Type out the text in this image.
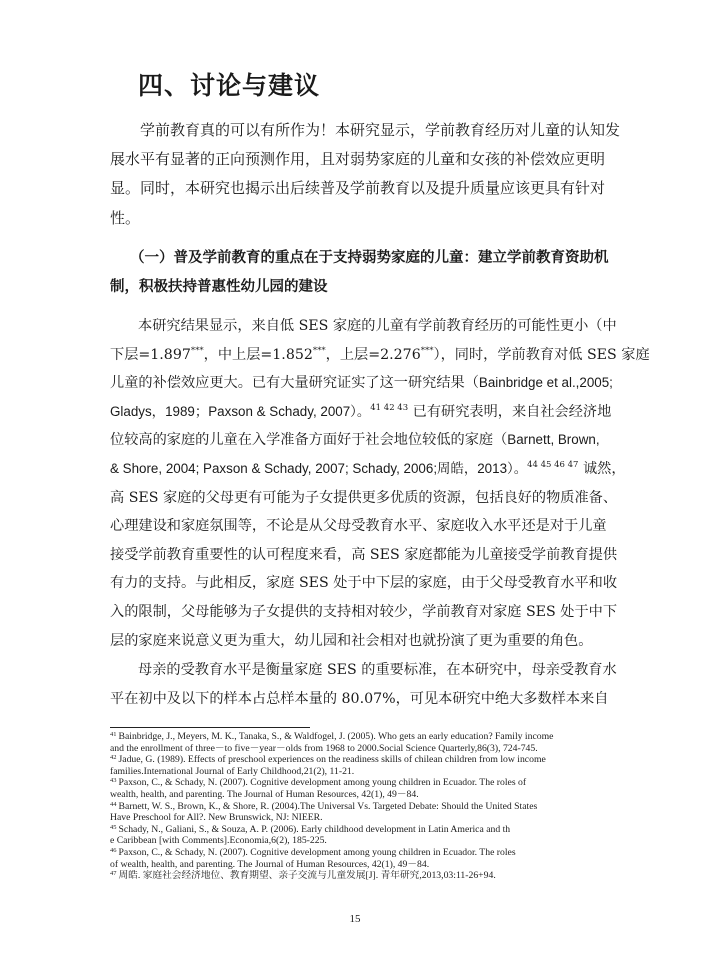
四、讨论与建议
学前教育真的可以有所作为！本研究显示，学前教育经历对儿童的认知发
展水平有显著的正向预测作用，且对弱势家庭的儿童和女孩的补偿效应更明
显。同时，本研究也揭示出后续普及学前教育以及提升质量应该更具有针对
性。
（一）普及学前教育的重点在于支持弱势家庭的儿童：建立学前教育资助机
制，积极扶持普惠性幼儿园的建设
本研究结果显示，来自低 SES 家庭的儿童有学前教育经历的可能性更小（中
下层=1.897***，中上层=1.852***，上层=2.276***），同时，学前教育对低 SES 家庭
儿童的补偿效应更大。已有大量研究证实了这一研究结果（Bainbridge et al.,2005;
Gladys，1989；Paxson & Schady, 2007）。$^{41 42 43}$ 已有研究表明，来自社会经济地
位较高的家庭的儿童在入学准备方面好于社会地位较低的家庭（Barnett, Brown,
& Shore, 2004; Paxson & Schady, 2007; Schady, 2006;周皓，2013）。$^{44 45 46 47}$ 诚然，
高 SES 家庭的父母更有可能为子女提供更多优质的资源，包括良好的物质准备、
心理建设和家庭氛围等，不论是从父母受教育水平、家庭收入水平还是对于儿童
接受学前教育重要性的认可程度来看，高 SES 家庭都能为儿童接受学前教育提供
有力的支持。与此相反，家庭 SES 处于中下层的家庭，由于父母受教育水平和收
入的限制，父母能够为子女提供的支持相对较少，学前教育对家庭 SES 处于中下
层的家庭来说意义更为重大，幼儿园和社会相对也就扮演了更为重要的角色。
母亲的受教育水平是衡量家庭 SES 的重要标准，在本研究中，母亲受教育水
平在初中及以下的样本占总样本量的 80.07%，可见本研究中绝大多数样本来自
$^{41}$ Bainbridge, J., Meyers, M. K., Tanaka, S., & Waldfogel, J. (2005). Who gets an early education? Family income
and the enrollment of three－to five－year－olds from 1968 to 2000.Social Science Quarterly,86(3), 724-745.
$^{42}$ Jadue, G. (1989). Effects of preschool experiences on the readiness skills of chilean children from low income
families.International Journal of Early Childhood,21(2), 11-21.
$^{43}$ Paxson, C., & Schady, N. (2007). Cognitive development among young children in Ecuador. The roles of
wealth, health, and parenting. The Journal of Human Resources, 42(1), 49－84.
$^{44}$ Barnett, W. S., Brown, K., & Shore, R. (2004).The Universal Vs. Targeted Debate: Should the United States
Have Preschool for All?. New Brunswick, NJ: NIEER.
$^{45}$ Schady, N., Galiani, S., & Souza, A. P. (2006). Early childhood development in Latin America and th
e Caribbean [with Comments].Economia,6(2), 185-225.
$^{46}$ Paxson, C., & Schady, N. (2007). Cognitive development among young children in Ecuador. The roles
of wealth, health, and parenting. The Journal of Human Resources, 42(1), 49－84.
$^{47}$ 周皓. 家庭社会经济地位、教育期望、亲子交流与儿童发展[J]. 青年研究,2013,03:11-26+94.
15
